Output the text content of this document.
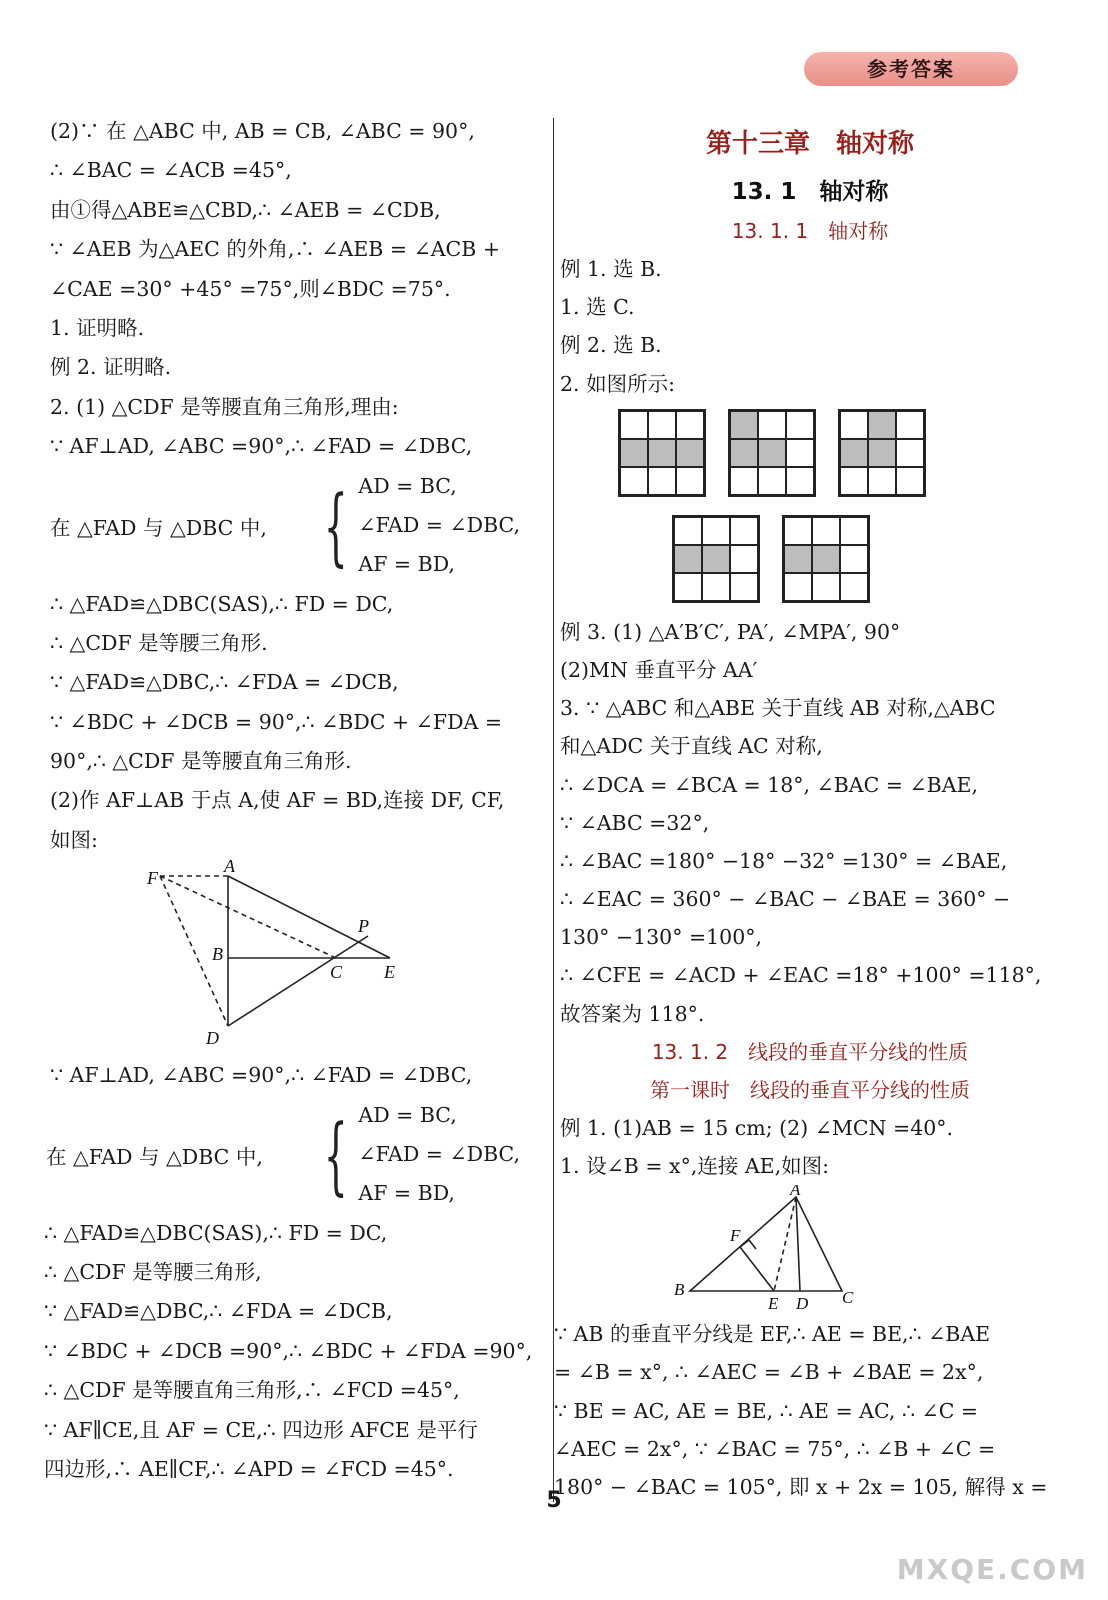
参考答案
(2)∵ 在 △ABC 中, AB = CB, ∠ABC = 90°,
∴ ∠BAC = ∠ACB =45°,
由①得△ABE≌△CBD,∴ ∠AEB = ∠CDB,
∵ ∠AEB 为△AEC 的外角,∴ ∠AEB = ∠ACB +
∠CAE =30° +45° =75°,则∠BDC =75°.
1. 证明略.
例 2. 证明略.
2. (1) △CDF 是等腰直角三角形,理由:
∵ AF⊥AD, ∠ABC =90°,∴ ∠FAD = ∠DBC,
在 △FAD 与 △DBC 中, { AD = BC,
∠FAD = ∠DBC,
AF = BD,
∴ △FAD≌△DBC(SAS),∴ FD = DC,
∴ △CDF 是等腰三角形.
∵ △FAD≌△DBC,∴ ∠FDA = ∠DCB,
∵ ∠BDC + ∠DCB = 90°,∴ ∠BDC + ∠FDA =
90°,∴ △CDF 是等腰直角三角形.
(2)作 AF⊥AB 于点 A,使 AF = BD,连接 DF, CF,
如图:
F
A
B
C
D
E
P
∵ AF⊥AD, ∠ABC =90°,∴ ∠FAD = ∠DBC,
在 △FAD 与 △DBC 中, { AD = BC,
∠FAD = ∠DBC,
AF = BD,
∴ △FAD≌△DBC(SAS),∴ FD = DC,
∴ △CDF 是等腰三角形,
∵ △FAD≌△DBC,∴ ∠FDA = ∠DCB,
∵ ∠BDC + ∠DCB =90°,∴ ∠BDC + ∠FDA =90°,
∴ △CDF 是等腰直角三角形,∴ ∠FCD =45°,
∵ AF∥CE,且 AF = CE,∴ 四边形 AFCE 是平行
四边形,∴ AE∥CF,∴ ∠APD = ∠FCD =45°.
第十三章　轴对称
13. 1　轴对称
13. 1. 1　轴对称
例 1. 选 B.
1. 选 C.
例 2. 选 B.
2. 如图所示:
例 3. (1) △A′B′C′, PA′, ∠MPA′, 90°
(2)MN 垂直平分 AA′
3. ∵ △ABC 和△ABE 关于直线 AB 对称,△ABC
和△ADC 关于直线 AC 对称,
∴ ∠DCA = ∠BCA = 18°, ∠BAC = ∠BAE,
∵ ∠ABC =32°,
∴ ∠BAC =180° −18° −32° =130° = ∠BAE,
∴ ∠EAC = 360° − ∠BAC − ∠BAE = 360° −
130° −130° =100°,
∴ ∠CFE = ∠ACD + ∠EAC =18° +100° =118°,
故答案为 118°.
13. 1. 2　线段的垂直平分线的性质
第一课时　线段的垂直平分线的性质
例 1. (1)AB = 15 cm; (2) ∠MCN =40°.
1. 设∠B = x°,连接 AE,如图:
A
F
B
E D C
∵ AB 的垂直平分线是 EF,∴ AE = BE,∴ ∠BAE
= ∠B = x°, ∴ ∠AEC = ∠B + ∠BAE = 2x°,
∵ BE = AC, AE = BE, ∴ AE = AC, ∴ ∠C =
∠AEC = 2x°, ∵ ∠BAC = 75°, ∴ ∠B + ∠C =
180° − ∠BAC = 105°, 即 x + 2x = 105, 解得 x =
5
MXQE.COM
